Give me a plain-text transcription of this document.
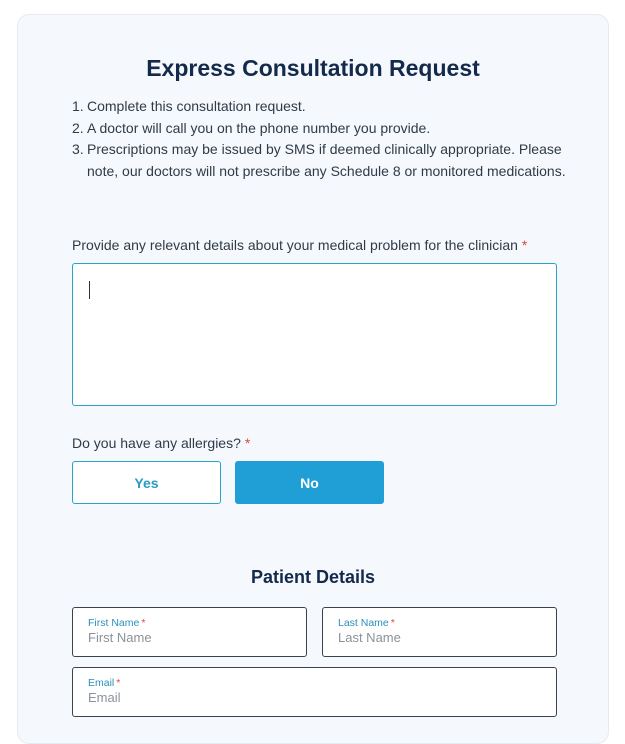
Express Consultation Request
1. Complete this consultation request.
2. A doctor will call you on the phone number you provide.
3. Prescriptions may be issued by SMS if deemed clinically appropriate. Please note, our doctors will not prescribe any Schedule 8 or monitored medications.
Provide any relevant details about your medical problem for the clinician *
Do you have any allergies? *
Yes	No
Patient Details
First Name *
First Name	Last Name *
Last Name
Email *
Email
